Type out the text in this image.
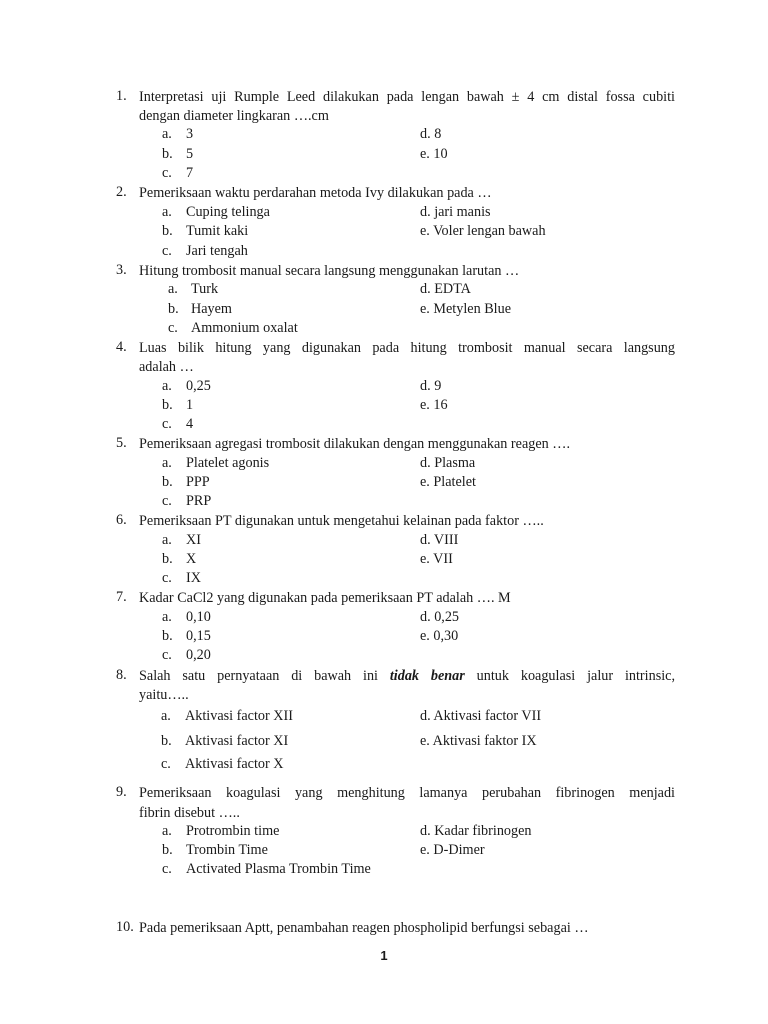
1. Interpretasi uji Rumple Leed dilakukan pada lengan bawah ± 4 cm distal fossa cubiti
dengan diameter lingkaran ….cm
a. 3
b. 5
c. 7
d. 8
e. 10
2. Pemeriksaan waktu perdarahan metoda Ivy dilakukan pada …
a. Cuping telinga
b. Tumit kaki
c. Jari tengah
d. jari manis
e. Voler lengan bawah
3. Hitung trombosit manual secara langsung menggunakan larutan …
a. Turk
b. Hayem
c. Ammonium oxalat
d. EDTA
e. Metylen Blue
4. Luas bilik hitung yang digunakan pada hitung trombosit manual secara langsung
adalah …
a. 0,25
b. 1
c. 4
d. 9
e. 16
5. Pemeriksaan agregasi trombosit dilakukan dengan menggunakan reagen ….
a. Platelet agonis
b. PPP
c. PRP
d. Plasma
e. Platelet
6. Pemeriksaan PT digunakan untuk mengetahui kelainan pada faktor …..
a. XI
b. X
c. IX
d. VIII
e. VII
7. Kadar CaCl2 yang digunakan pada pemeriksaan PT adalah …. M
a. 0,10
b. 0,15
c. 0,20
d. 0,25
e. 0,30
8. Salah satu pernyataan di bawah ini tidak benar untuk koagulasi jalur intrinsic,
yaitu…..
a. Aktivasi factor XII
b. Aktivasi factor XI
c. Aktivasi factor X
d. Aktivasi factor VII
e. Aktivasi faktor IX
9. Pemeriksaan koagulasi yang menghitung lamanya perubahan fibrinogen menjadi
fibrin disebut …..
a. Protrombin time
b. Trombin Time
c. Activated Plasma Trombin Time
d. Kadar fibrinogen
e. D-Dimer
10. Pada pemeriksaan Aptt, penambahan reagen phospholipid berfungsi sebagai …
1
